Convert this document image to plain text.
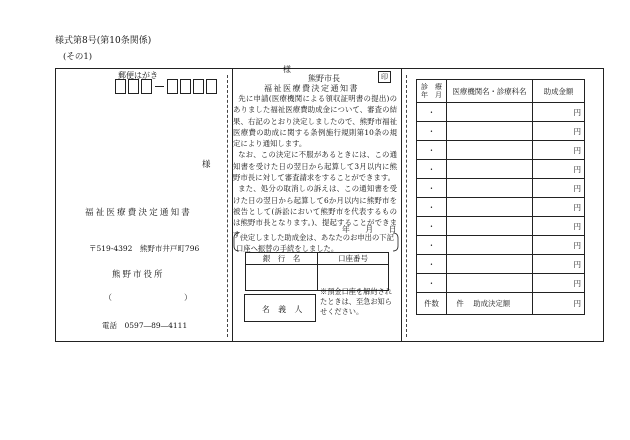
様式第8号(第10条関係)
(その1)
郵便はがき
様
福祉医療費決定通知書
〒519-4392　熊野市井戸町796
熊野市役所
（　　　　　　　　　）
電話　0597―89―4111
様
熊野市長	印
福祉医療費決定通知書

先に申請(医療機関による領収証明書の提出)のありました福祉医療費助成金について、審査の結果、右記のとおり決定しましたので、熊野市福祉医療費の助成に関する条例施行規則第10条の規定により通知します。

なお、この決定に不服があるときには、この通知書を受けた日の翌日から起算して3月以内に熊野市長に対して審査請求をすることができます。

また、処分の取消しの訴えは、この通知書を受けた日の翌日から起算して6か月以内に熊野市を被告として(訴訟において熊野市を代表するものは熊野市長となります。)、提起することができます。

年　　月　　日
決定しました助成金は、あなたのお申出の下記口座へ振替の手続をしました。
銀　行　名	口座番号

名 義 人
※預金口座を解約されたときは、至急お知らせください。
診　療
年　月	医療機関名・診療科名	助成金額
・		円
・		円
・		円
・		円
・		円
・		円
・		円
・		円
・		円
・		円
件数	件 助成決定額	円
